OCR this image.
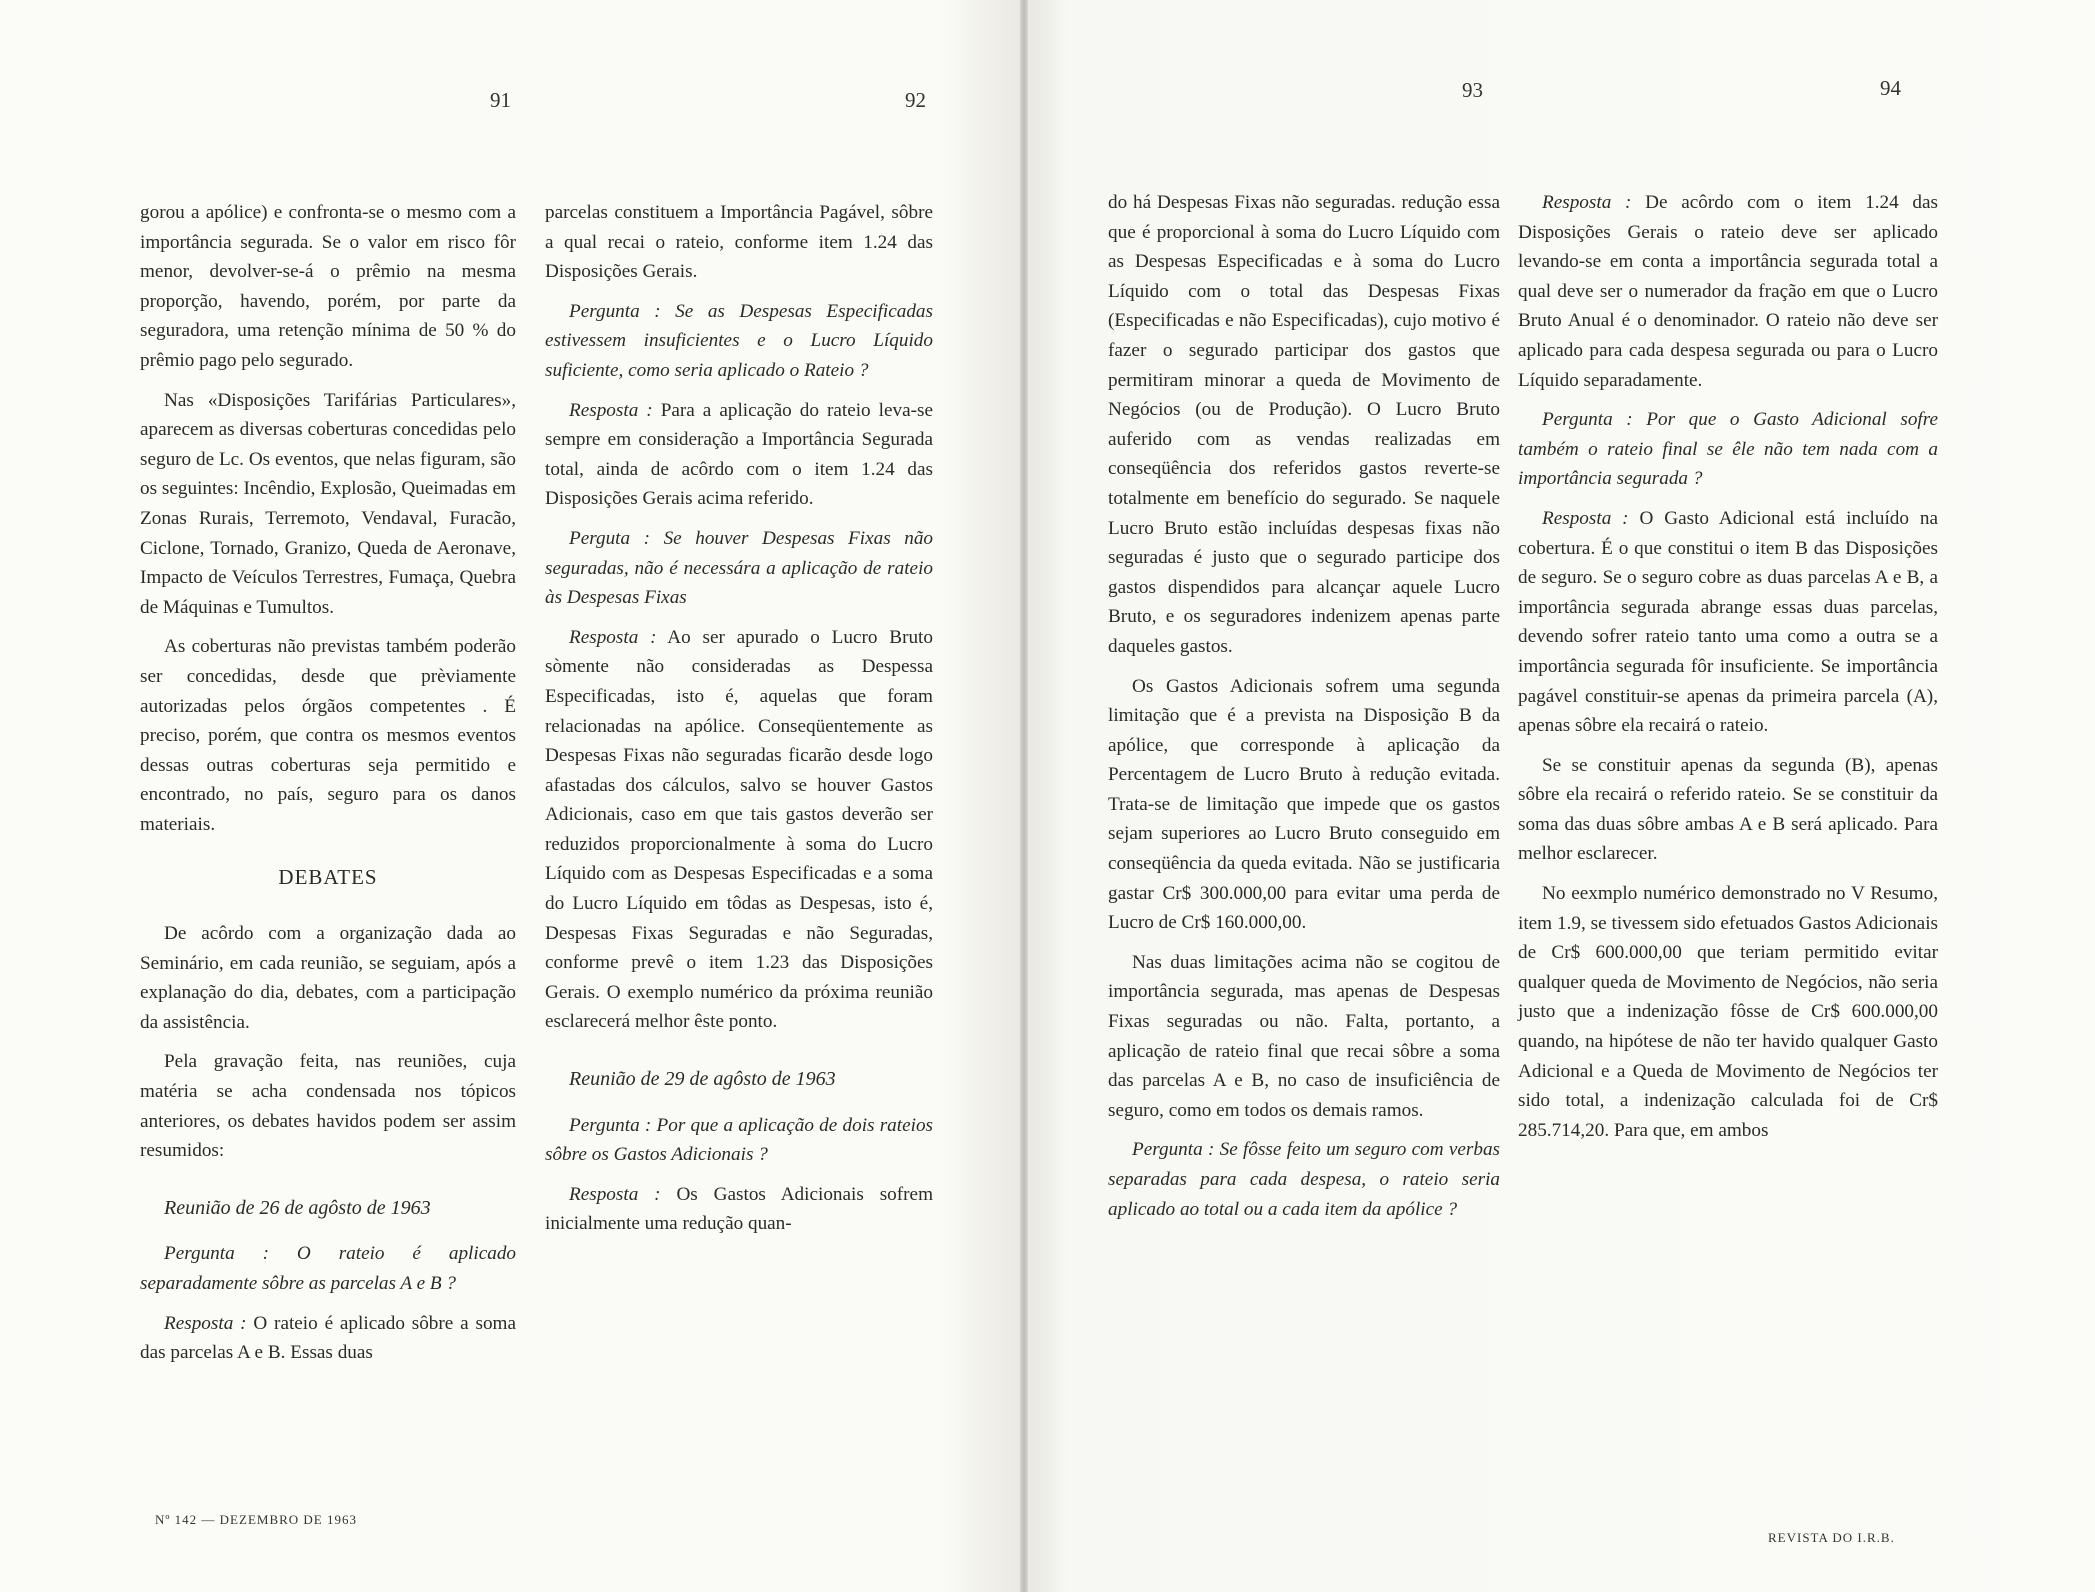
91	92	93	94

gorou a apólice) e confronta-se o mesmo com a importância segurada. Se o valor em risco fôr menor, devolver-se-á o prêmio na mesma proporção, havendo, porém, por parte da seguradora, uma retenção mínima de 50 % do prêmio pago pelo segurado.

Nas «Disposições Tarifárias Particulares», aparecem as diversas coberturas concedidas pelo seguro de Lc. Os eventos, que nelas figuram, são os seguintes: Incêndio, Explosão, Queimadas em Zonas Rurais, Terremoto, Vendaval, Furacão, Ciclone, Tornado, Granizo, Queda de Aeronave, Impacto de Veículos Terrestres, Fumaça, Quebra de Máquinas e Tumultos.

As coberturas não previstas também poderão ser concedidas, desde que prèviamente autorizadas pelos órgãos competentes . É preciso, porém, que contra os mesmos eventos dessas outras coberturas seja permitido e encontrado, no país, seguro para os danos materiais.

DEBATES

De acôrdo com a organização dada ao Seminário, em cada reunião, se seguiam, após a explanação do dia, debates, com a participação da assistência.

Pela gravação feita, nas reuniões, cuja matéria se acha condensada nos tópicos anteriores, os debates havidos podem ser assim resumidos:

Reunião de 26 de agôsto de 1963

Pergunta : O rateio é aplicado separadamente sôbre as parcelas A e B ?

Resposta : O rateio é aplicado sôbre a soma das parcelas A e B. Essas duas

parcelas constituem a Importância Pagável, sôbre a qual recai o rateio, conforme item 1.24 das Disposições Gerais.

Pergunta : Se as Despesas Especificadas estivessem insuficientes e o Lucro Líquido suficiente, como seria aplicado o Rateio ?

Resposta : Para a aplicação do rateio leva-se sempre em consideração a Importância Segurada total, ainda de acôrdo com o item 1.24 das Disposições Gerais acima referido.

Perguta : Se houver Despesas Fixas não seguradas, não é necessára a aplicação de rateio às Despesas Fixas

Resposta : Ao ser apurado o Lucro Bruto sòmente não consideradas as Despessa Especificadas, isto é, aquelas que foram relacionadas na apólice. Conseqüentemente as Despesas Fixas não seguradas ficarão desde logo afastadas dos cálculos, salvo se houver Gastos Adicionais, caso em que tais gastos deverão ser reduzidos proporcionalmente à soma do Lucro Líquido com as Despesas Especificadas e a soma do Lucro Líquido em tôdas as Despesas, isto é, Despesas Fixas Seguradas e não Seguradas, conforme prevê o item 1.23 das Disposições Gerais. O exemplo numérico da próxima reunião esclarecerá melhor êste ponto.

Reunião de 29 de agôsto de 1963

Pergunta : Por que a aplicação de dois rateios sôbre os Gastos Adicionais ?

Resposta : Os Gastos Adicionais sofrem inicialmente uma redução quan-

do há Despesas Fixas não seguradas. redução essa que é proporcional à soma do Lucro Líquido com as Despesas Especificadas e à soma do Lucro Líquido com o total das Despesas Fixas (Especificadas e não Especificadas), cujo motivo é fazer o segurado participar dos gastos que permitiram minorar a queda de Movimento de Negócios (ou de Produção). O Lucro Bruto auferido com as vendas realizadas em conseqüência dos referidos gastos reverte-se totalmente em benefício do segurado. Se naquele Lucro Bruto estão incluídas despesas fixas não seguradas é justo que o segurado participe dos gastos dispendidos para alcançar aquele Lucro Bruto, e os seguradores indenizem apenas parte daqueles gastos.

Os Gastos Adicionais sofrem uma segunda limitação que é a prevista na Disposição B da apólice, que corresponde à aplicação da Percentagem de Lucro Bruto à redução evitada. Trata-se de limitação que impede que os gastos sejam superiores ao Lucro Bruto conseguido em conseqüência da queda evitada. Não se justificaria gastar Cr$ 300.000,00 para evitar uma perda de Lucro de Cr$ 160.000,00.

Nas duas limitações acima não se cogitou de importância segurada, mas apenas de Despesas Fixas seguradas ou não. Falta, portanto, a aplicação de rateio final que recai sôbre a soma das parcelas A e B, no caso de insuficiência de seguro, como em todos os demais ramos.

Pergunta : Se fôsse feito um seguro com verbas separadas para cada despesa, o rateio seria aplicado ao total ou a cada item da apólice ?

Resposta : De acôrdo com o item 1.24 das Disposições Gerais o rateio deve ser aplicado levando-se em conta a importância segurada total a qual deve ser o numerador da fração em que o Lucro Bruto Anual é o denominador. O rateio não deve ser aplicado para cada despesa segurada ou para o Lucro Líquido separadamente.

Pergunta : Por que o Gasto Adicional sofre também o rateio final se êle não tem nada com a importância segurada ?

Resposta : O Gasto Adicional está incluído na cobertura. É o que constitui o item B das Disposições de seguro. Se o seguro cobre as duas parcelas A e B, a importância segurada abrange essas duas parcelas, devendo sofrer rateio tanto uma como a outra se a importância segurada fôr insuficiente. Se importância pagável constituir-se apenas da primeira parcela (A), apenas sôbre ela recairá o rateio.

Se se constituir apenas da segunda (B), apenas sôbre ela recairá o referido rateio. Se se constituir da soma das duas sôbre ambas A e B será aplicado. Para melhor esclarecer.

No eexmplo numérico demonstrado no V Resumo, item 1.9, se tivessem sido efetuados Gastos Adicionais de Cr$ 600.000,00 que teriam permitido evitar qualquer queda de Movimento de Negócios, não seria justo que a indenização fôsse de Cr$ 600.000,00 quando, na hipótese de não ter havido qualquer Gasto Adicional e a Queda de Movimento de Negócios ter sido total, a indenização calculada foi de Cr$ 285.714,20. Para que, em ambos

Nº 142 — DEZEMBRO DE 1963
REVISTA DO I.R.B.
